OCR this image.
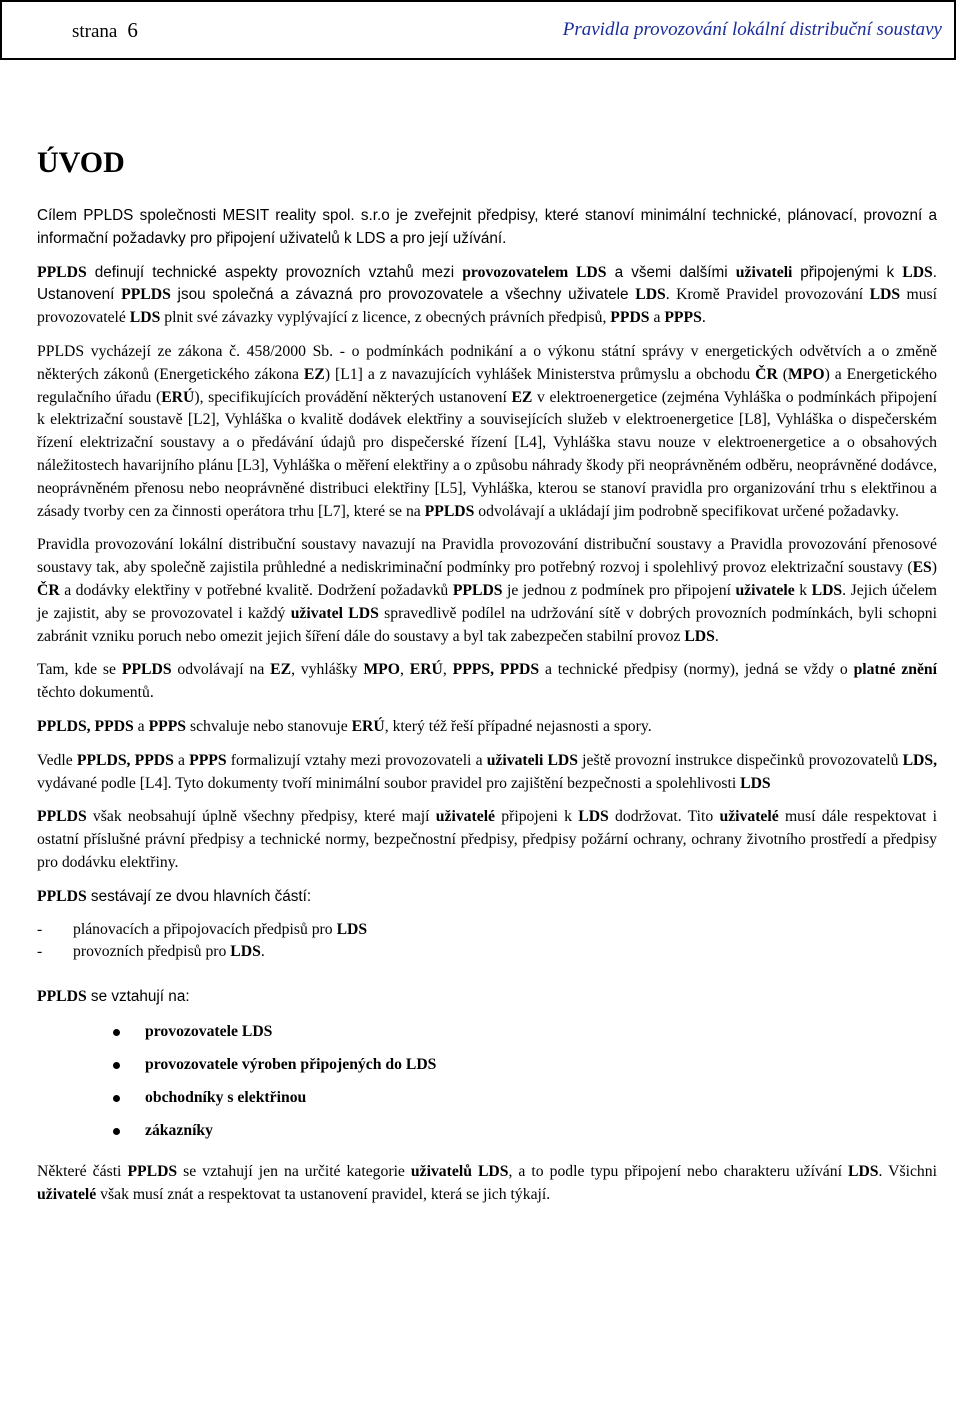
strana 6	Pravidla provozování lokální distribuční soustavy
ÚVOD

Cílem PPLDS společnosti MESIT reality spol. s.r.o je zveřejnit předpisy, které stanoví minimální technické, plánovací, provozní a informační požadavky pro připojení uživatelů k LDS a pro její užívání.

PPLDS definují technické aspekty provozních vztahů mezi provozovatelem LDS a všemi dalšími uživateli připojenými k LDS. Ustanovení PPLDS jsou společná a závazná pro provozovatele a všechny uživatele LDS. Kromě Pravidel provozování LDS musí provozovatelé LDS plnit své závazky vyplývající z licence, z obecných právních předpisů, PPDS a PPPS.

PPLDS vycházejí ze zákona č. 458/2000 Sb. - o podmínkách podnikání a o výkonu státní správy v energetických odvětvích a o změně některých zákonů (Energetického zákona EZ) [L1] a z navazujících vyhlášek Ministerstva průmyslu a obchodu ČR (MPO) a Energetického regulačního úřadu (ERÚ), specifikujících provádění některých ustanovení EZ v elektroenergetice (zejména Vyhláška o podmínkách připojení k elektrizační soustavě [L2], Vyhláška o kvalitě dodávek elektřiny a souvisejících služeb v elektroenergetice [L8], Vyhláška o dispečerském řízení elektrizační soustavy a o předávání údajů pro dispečerské řízení [L4], Vyhláška stavu nouze v elektroenergetice a o obsahových náležitostech havarijního plánu [L3], Vyhláška o měření elektřiny a o způsobu náhrady škody při neoprávněném odběru, neoprávněné dodávce, neoprávněném přenosu nebo neoprávněné distribuci elektřiny [L5], Vyhláška, kterou se stanoví pravidla pro organizování trhu s elektřinou a zásady tvorby cen za činnosti operátora trhu [L7], které se na PPLDS odvolávají a ukládají jim podrobně specifikovat určené požadavky.

Pravidla provozování lokální distribuční soustavy navazují na Pravidla provozování distribuční soustavy a Pravidla provozování přenosové soustavy tak, aby společně zajistila průhledné a nediskriminační podmínky pro potřebný rozvoj i spolehlivý provoz elektrizační soustavy (ES) ČR a dodávky elektřiny v potřebné kvalitě. Dodržení požadavků PPLDS je jednou z podmínek pro připojení uživatele k LDS. Jejich účelem je zajistit, aby se provozovatel i každý uživatel LDS spravedlivě podílel na udržování sítě v dobrých provozních podmínkách, byli schopni zabránit vzniku poruch nebo omezit jejich šíření dále do soustavy a byl tak zabezpečen stabilní provoz LDS.

Tam, kde se PPLDS odvolávají na EZ, vyhlášky MPO, ERÚ, PPPS, PPDS a technické předpisy (normy), jedná se vždy o platné znění těchto dokumentů.

PPLDS, PPDS a PPPS schvaluje nebo stanovuje ERÚ, který též řeší případné nejasnosti a spory.

Vedle PPLDS, PPDS a PPPS formalizují vztahy mezi provozovateli a uživateli LDS ještě provozní instrukce dispečinků provozovatelů LDS, vydávané podle [L4]. Tyto dokumenty tvoří minimální soubor pravidel pro zajištění bezpečnosti a spolehlivosti LDS

PPLDS však neobsahují úplně všechny předpisy, které mají uživatelé připojeni k LDS dodržovat. Tito uživatelé musí dále respektovat i ostatní příslušné právní předpisy a technické normy, bezpečnostní předpisy, předpisy požární ochrany, ochrany životního prostředí a předpisy pro dodávku elektřiny.

PPLDS sestávají ze dvou hlavních částí:

-	plánovacích a připojovacích předpisů pro LDS
-	provozních předpisů pro LDS.

PPLDS se vztahují na:

provozovatele LDS
provozovatele výroben připojených do LDS
obchodníky s elektřinou
zákazníky

Některé části PPLDS se vztahují jen na určité kategorie uživatelů LDS, a to podle typu připojení nebo charakteru užívání LDS. Všichni uživatelé však musí znát a respektovat ta ustanovení pravidel, která se jich týkají.
